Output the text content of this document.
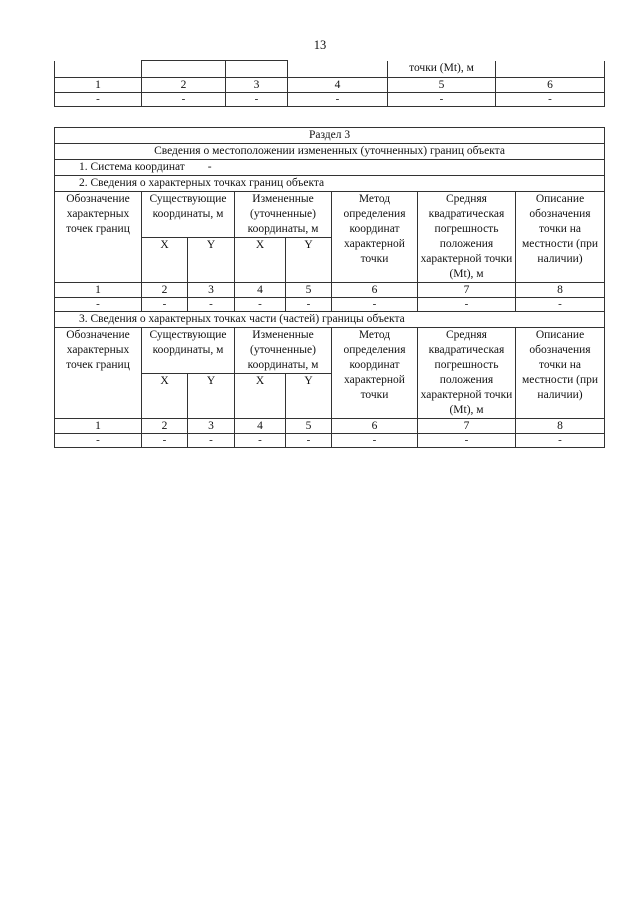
13
				точки (Mt), м	
1	2	3	4	5	6
-	-	-	-	-	-
Раздел 3							
Сведения о местоположении измененных (уточненных) границ объекта							
1. Система координат -							
2. Сведения о характерных точках границ объекта							
Обозначение характерных точек границ	Существующие координаты, м		Измененные (уточненные) координаты, м		Метод определения координат характерной точки	Средняя квадратическая погрешность положения характерной точки (Mt), м	Описание обозначения точки на местности (при наличии)
	X	Y	X	Y			
1	2	3	4	5	6	7	8
-	-	-	-	-	-	-	-
3. Сведения о характерных точках части (частей) границы объекта							
Обозначение характерных точек границ	Существующие координаты, м		Измененные (уточненные) координаты, м		Метод определения координат характерной точки	Средняя квадратическая погрешность положения характерной точки (Mt), м	Описание обозначения точки на местности (при наличии)
	X	Y	X	Y			
1	2	3	4	5	6	7	8
-	-	-	-	-	-	-	-
